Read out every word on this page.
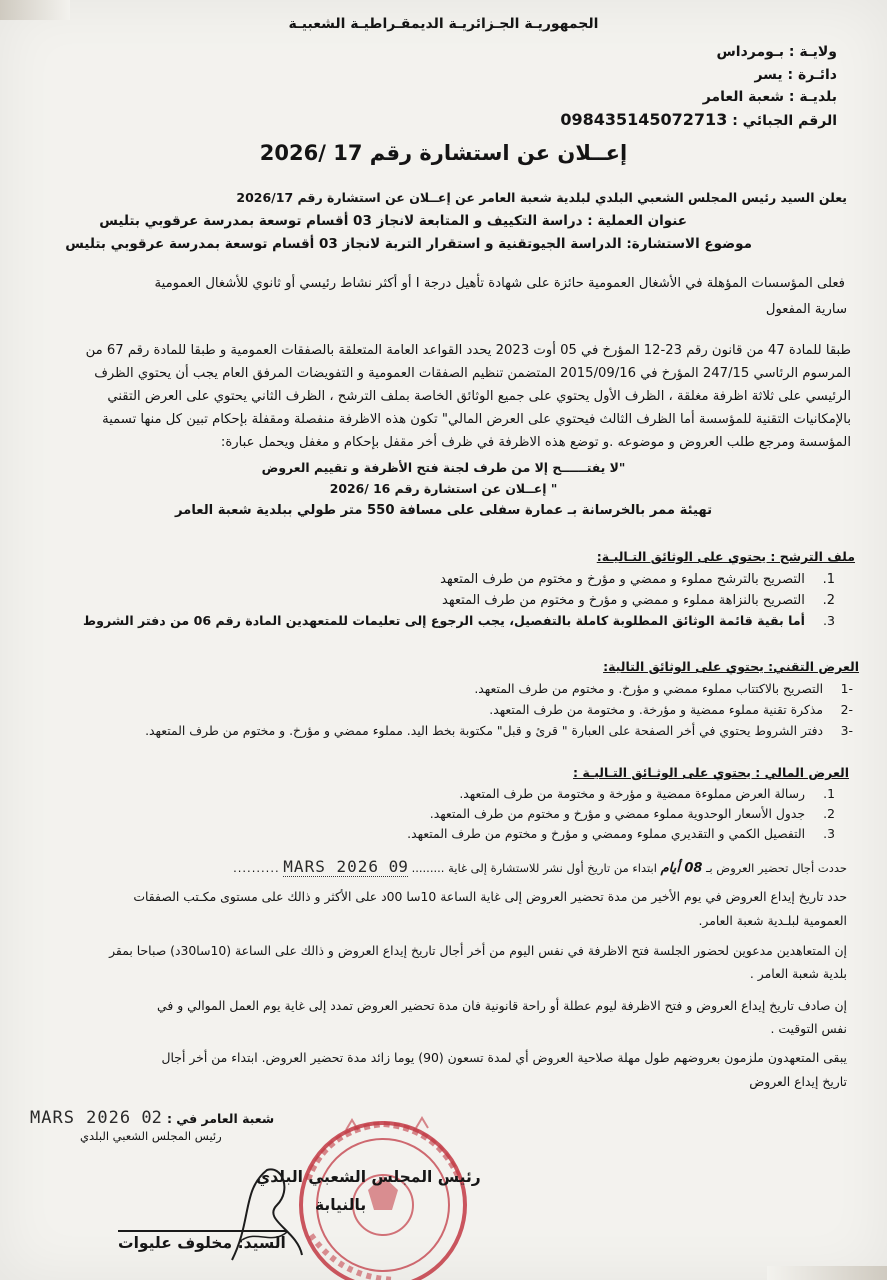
الجمهوريـة الجـزائريـة الديمقـراطيـة الشعبيـة
ولايـة : بـومرداس
دائـرة : يسر
بلديـة : شعبة العامر
الرقم الجبائي : 098435145072713
إعــلان عن استشارة رقم 17 /2026
يعلن السيد رئيس المجلس الشعبي البلدي لبلدية شعبة العامر عن إعــلان عن استشارة رقم 2026/17
عنوان العملية : دراسة التكييف و المتابعة لانجاز 03 أقسام توسعة بمدرسة عرقوبي بتليس
موضوع الاستشارة: الدراسة الجيوتقنية و استقرار التربة لانجاز 03 أقسام توسعة بمدرسة عرقوبي بتليس
فعلى المؤسسات المؤهلة في الأشغال العمومية حائزة على شهادة تأهيل درجة I أو أكثر نشاط رئيسي أو ثانوي للأشغال العمومية
سارية المفعول
طبقا للمادة 47 من قانون رقم 23-12 المؤرخ في 05 أوت 2023 يحدد القواعد العامة المتعلقة بالصفقات العمومية و طبقا للمادة رقم 67 من
المرسوم الرئاسي 247/15 المؤرخ في 2015/09/16 المتضمن تنظيم الصفقات العمومية و التفويضات المرفق العام يجب أن يحتوي الظرف
الرئيسي على ثلاثة اظرفة مغلقة ، الظرف الأول يحتوي على جميع الوثائق الخاصة بملف الترشح ، الظرف الثاني يحتوي على العرض التقني
بالإمكانيات التقنية للمؤسسة أما الظرف الثالث فيحتوي على العرض المالي" تكون هذه الاظرفة منفصلة ومقفلة بإحكام تبين كل منها تسمية
المؤسسة ومرجع طلب العروض و موضوعه .و توضع هذه الاظرفة في ظرف أخر مقفل بإحكام و مغفل ويحمل عبارة:
"لا يفتــــــح إلا من طرف لجنة فتح الأظرفة و تقييم العروض
" إعــلان عن استشارة رقم 16 /2026
تهيئة ممر بالخرسانة بـ عمارة سفلى على مسافة 550 متر طولي ببلدية شعبة العامر
ملف الترشح : يحتوي على الوثائق التـاليـة:
1. التصريح بالترشح مملوء و ممضي و مؤرخ و مختوم من طرف المتعهد
2. التصريح بالنزاهة مملوء و ممضي و مؤرخ و مختوم من طرف المتعهد
3. أما بقية قائمة الوثائق المطلوبة كاملة بالتفصيل، يجب الرجوع إلى تعليمات للمتعهدين المادة رقم 06 من دفتر الشروط
العرض التقني: يحتوي على الوثائق التالية:
-1 التصريح بالاكتتاب مملوء ممضي و مؤرخ. و مختوم من طرف المتعهد.
-2 مذكرة تقنية مملوء ممضية و مؤرخة. و مختومة من طرف المتعهد.
-3 دفتر الشروط يحتوي في أخر الصفحة على العبارة " قرئ و قبل" مكتوبة بخط اليد. مملوء ممضي و مؤرخ. و مختوم من طرف المتعهد.
العرض المالي : يحتوي على الوثـائق التـاليـة :
1. رسالة العرض مملوءة ممضية و مؤرخة و مختومة من طرف المتعهد.
2. جدول الأسعار الوحدوية مملوء ممضي و مؤرخ و مختوم من طرف المتعهد.
3. التفصيل الكمي و التقديري مملوء وممضي و مؤرخ و مختوم من طرف المتعهد.
حددت أجال تحضير العروض بـ 08 أيام ابتداء من تاريخ أول نشر للاستشارة إلى غاية ......... 09 MARS 2026 ..........
حدد تاريخ إيداع العروض في يوم الأخير من مدة تحضير العروض إلى غاية الساعة 10سا 00د على الأكثر و ذالك على مستوى مكـتب الصفقات
العمومية لبلـدية شعبة العامر.
إن المتعاهدين مدعوين لحضور الجلسة فتح الاظرفة في نفس اليوم من أخر أجال تاريخ إيداع العروض و ذالك على الساعة (10سا30د) صباحا بمقر
بلدية شعبة العامر .
إن صادف تاريخ إيداع العروض و فتح الاظرفة ليوم عطلة أو راحة قانونية فان مدة تحضير العروض تمدد إلى غاية يوم العمل الموالي و في
نفس التوقيت .
يبقى المتعهدون ملزمون بعروضهم طول مهلة صلاحية العروض أي لمدة تسعون (90) يوما زائد مدة تحضير العروض. ابتداء من أخر أجال
تاريخ إيداع العروض
شعبة العامر في : 02 MARS 2026
رئيس المجلس الشعبي البلدي
رئيس المجلس الشعبي البلدي
بالنيابة
السيد: مخلوف عليوات
